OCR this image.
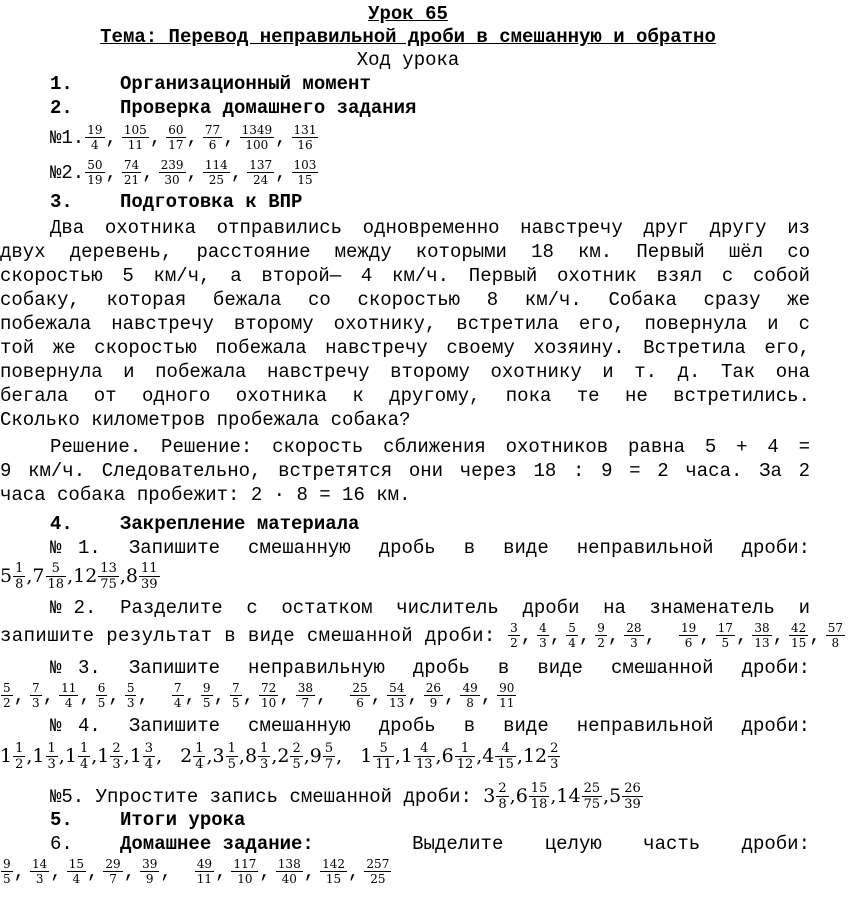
Урок 65
Тема: Перевод неправильной дроби в смешанную и обратно
Ход урока
1. Организационный момент
2. Проверка домашнего задания
№1. $\frac{19}{4}$ , $\frac{105}{11}$ , $\frac{60}{17}$ , $\frac{77}{6}$ , $\frac{1349}{100}$ , $\frac{131}{16}$
№2. $\frac{50}{19}$ , $\frac{74}{21}$ , $\frac{239}{30}$ , $\frac{114}{25}$ , $\frac{137}{24}$ , $\frac{103}{15}$
3. Подготовка к ВПР
Два охотника отправились одновременно навстречу друг другу из
двух деревень, расстояние между которыми 18 км. Первый шёл со
скоростью 5 км/ч, а второй— 4 км/ч. Первый охотник взял с собой
собаку, которая бежала со скоростью 8 км/ч. Собака сразу же
побежала навстречу второму охотнику, встретила его, повернула и с
той же скоростью побежала навстречу своему хозяину. Встретила его,
повернула и побежала навстречу второму охотнику и т. д. Так она
бегала от одного охотника к другому, пока те не встретились.
Сколько километров пробежала собака?
Решение. Решение: скорость сближения охотников равна 5 + 4 =
9 км/ч. Следовательно, встретятся они через 18 : 9 = 2 часа. За 2
часа собака пробежит: 2 · 8 = 16 км.
4. Закрепление материала
№1. Запишите смешанную дробь в виде неправильной дроби:
$5 \frac{1}{8} ,7 \frac{5}{18} ,12 \frac{13}{75} ,8 \frac{11}{39}$
№2. Разделите с остатком числитель дроби на знаменатель и
запишите результат в виде смешанной дроби: $\frac{3}{2}$ , $\frac{4}{3}$ , $\frac{5}{4}$ , $\frac{9}{2}$ , $\frac{28}{3}$ , $\frac{19}{6}$ , $\frac{17}{5}$ , $\frac{38}{13}$ , $\frac{42}{15}$ , $\frac{57}{8}$
№3. Запишите неправильную дробь в виде смешанной дроби:
$\frac{5}{2}$ , $\frac{7}{3}$ , $\frac{11}{4}$ , $\frac{6}{5}$ , $\frac{5}{3}$ , $\frac{7}{4}$ , $\frac{9}{5}$ , $\frac{7}{5}$ , $\frac{72}{10}$ , $\frac{38}{7}$ , $\frac{25}{6}$ , $\frac{54}{13}$ , $\frac{26}{9}$ , $\frac{49}{8}$ , $\frac{90}{11}$
№4. Запишите смешанную дробь в виде неправильной дроби:
$1 \frac{1}{2} ,1 \frac{1}{3} ,1 \frac{1}{4} ,1 \frac{2}{3} ,1 \frac{3}{4}$ , $2 \frac{1}{4} ,3 \frac{1}{5} ,8 \frac{1}{3} ,2 \frac{2}{5} ,9 \frac{5}{7}$ , $1 \frac{5}{11} ,1 \frac{4}{13} ,6 \frac{1}{12} ,4 \frac{4}{15} ,12 \frac{2}{3}$
№5. Упростите запись смешанной дроби: $3 \frac{2}{8} ,6 \frac{15}{18} ,14 \frac{25}{75} ,5 \frac{26}{39}$
5. Итоги урока
6. Домашнее задание:	Выделите целую часть дроби:
$\frac{9}{5}$ , $\frac{14}{3}$ , $\frac{15}{4}$ , $\frac{29}{7}$ , $\frac{39}{9}$ , $\frac{49}{11}$ , $\frac{117}{10}$ , $\frac{138}{40}$ , $\frac{142}{15}$ , $\frac{257}{25}$
